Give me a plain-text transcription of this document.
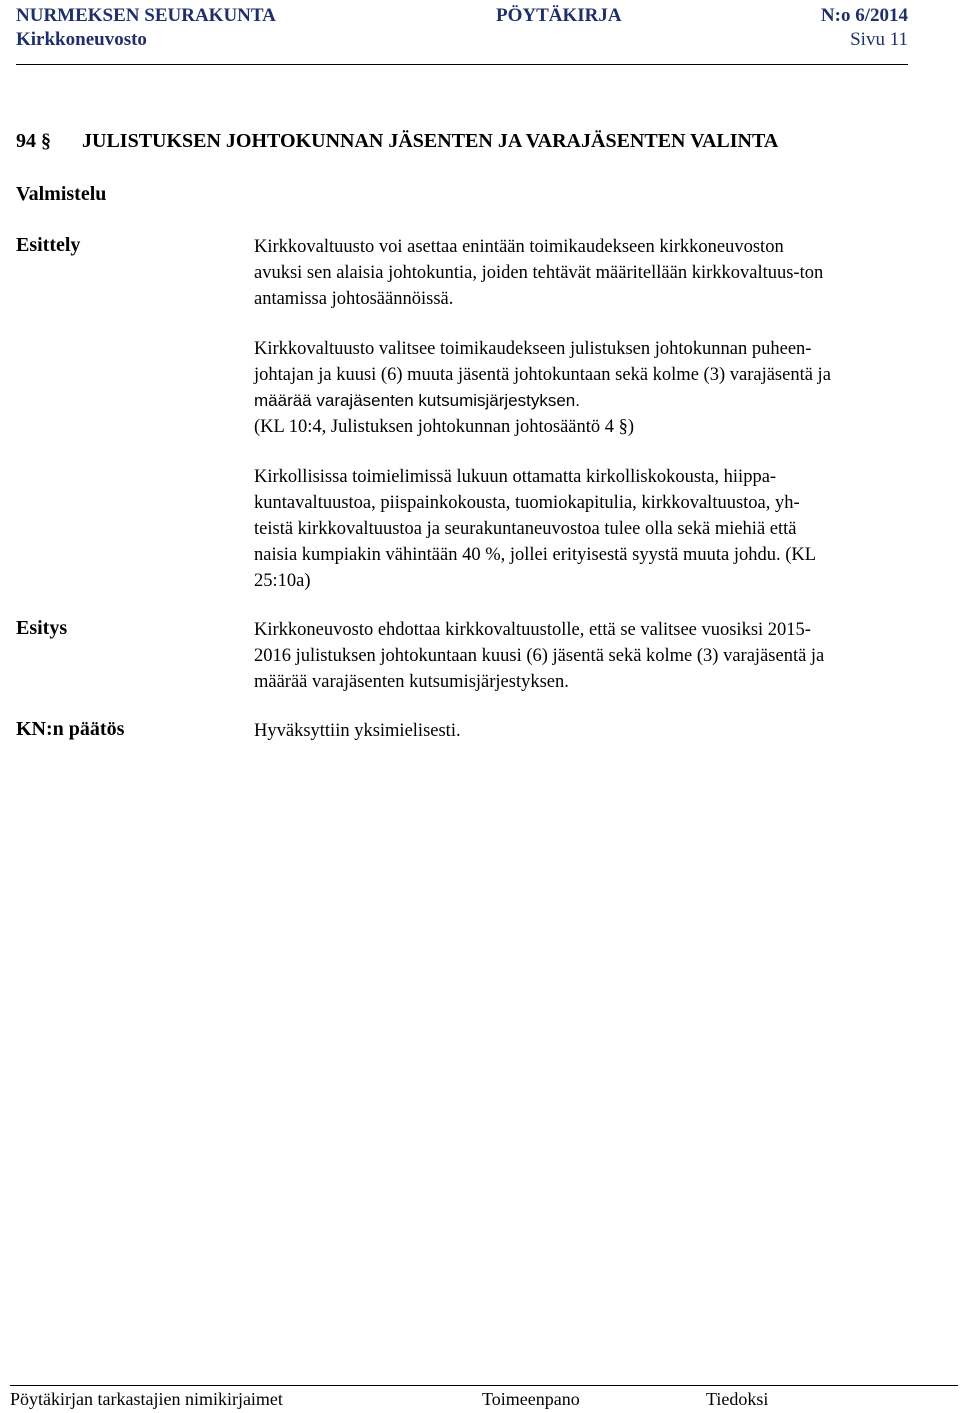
NURMEKSEN SEURAKUNTA	PÖYTÄKIRJA	N:o 6/2014
Kirkkoneuvosto	Sivu 11
94 § JULISTUKSEN JOHTOKUNNAN JÄSENTEN JA VARAJÄSENTEN VALINTA
Valmistelu
Esittely	Kirkkovaltuusto voi asettaa enintään toimikaudekseen kirkkoneuvoston

avuksi sen alaisia johtokuntia, joiden tehtävät määritellään kirkkovaltuus-ton

antamissa johtosäännöissä.

Kirkkovaltuusto valitsee toimikaudekseen julistuksen johtokunnan puheen-

johtajan ja kuusi (6) muuta jäsentä johtokuntaan sekä kolme (3) varajäsentä ja

määrää varajäsenten kutsumisjärjestyksen.

(KL 10:4, Julistuksen johtokunnan johtosääntö 4 §)

Kirkollisissa toimielimissä lukuun ottamatta kirkolliskokousta, hiippa-

kuntavaltuustoa, piispainkokousta, tuomiokapitulia, kirkkovaltuustoa, yh-

teistä kirkkovaltuustoa ja seurakuntaneuvostoa tulee olla sekä miehiä että

naisia kumpiakin vähintään 40 %, jollei erityisestä syystä muuta johdu. (KL

25:10a)

Esitys	Kirkkoneuvosto ehdottaa kirkkovaltuustolle, että se valitsee vuosiksi 2015-

2016 julistuksen johtokuntaan kuusi (6) jäsentä sekä kolme (3) varajäsentä ja

määrää varajäsenten kutsumisjärjestyksen.

KN:n päätös	Hyväksyttiin yksimielisesti.

Pöytäkirjan tarkastajien nimikirjaimet	Toimeenpano	Tiedoksi
